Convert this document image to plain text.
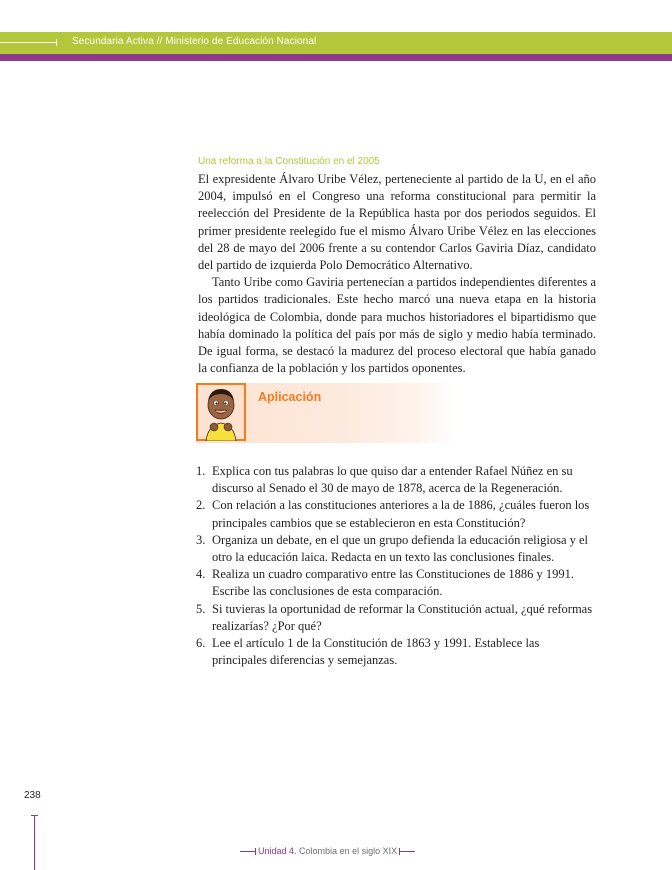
Secundaria Activa // Ministerio de Educación Nacional
Una reforma a la Constitución en el 2005

El expresidente Álvaro Uribe Vélez, perteneciente al partido de la U, en el año 2004, impulsó en el Congreso una reforma constitucional para permitir la reelección del Presidente de la República hasta por dos periodos seguidos. El primer presidente reelegido fue el mismo Álvaro Uribe Vélez en las elecciones del 28 de mayo del 2006 frente a su contendor Carlos Gaviria Díaz, candidato del partido de izquierda Polo Democrático Alternativo.

Tanto Uribe como Gaviria pertenecían a partidos independientes diferentes a los partidos tradicionales. Este hecho marcó una nueva etapa en la historia ideológica de Colombia, donde para muchos historiadores el bipartidismo que había dominado la política del país por más de siglo y medio había terminado. De igual forma, se destacó la madurez del proceso electoral que había ganado la confianza de la población y los partidos oponentes.

Aplicación
1. Explica con tus palabras lo que quiso dar a entender Rafael Núñez en su discurso al Senado el 30 de mayo de 1878, acerca de la Regeneración.
2. Con relación a las constituciones anteriores a la de 1886, ¿cuáles fueron los principales cambios que se establecieron en esta Constitución?
3. Organiza un debate, en el que un grupo defienda la educación religiosa y el otro la educación laica. Redacta en un texto las conclusiones finales.
4. Realiza un cuadro comparativo entre las Constituciones de 1886 y 1991. Escribe las conclusiones de esta comparación.
5. Si tuvieras la oportunidad de reformar la Constitución actual, ¿qué reformas realizarías? ¿Por qué?
6. Lee el artículo 1 de la Constitución de 1863 y 1991. Establece las principales diferencias y semejanzas.
238
Unidad 4. Colombia en el siglo XIX
